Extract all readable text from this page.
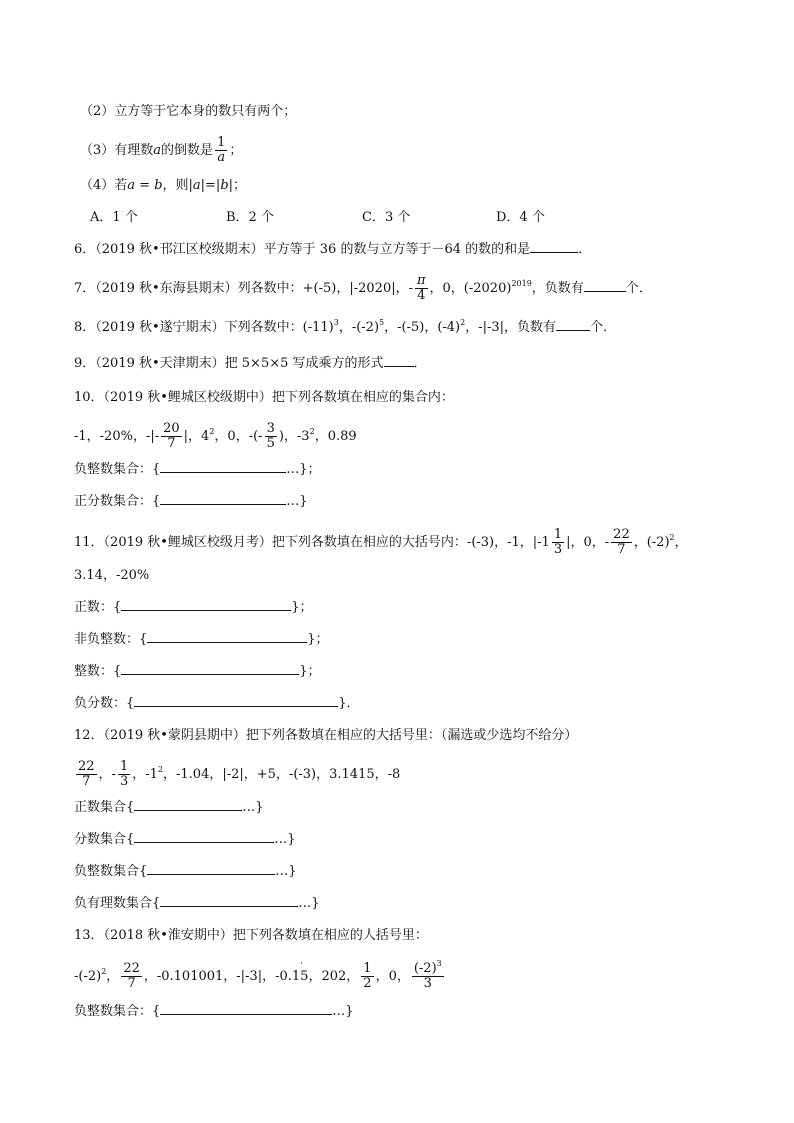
（2）立方等于它本身的数只有两个；
（3）有理数a的倒数是 $\frac{1}{a}$ ；
（4）若a = b，则|a|=|b|；
A．1 个	B．2 个	C．3 个	D．4 个
6．（2019 秋•邗江区校级期末）平方等于 36 的数与立方等于－64 的数的和是	．
7．（2019 秋•东海县期末）列各数中：+(-5)，|-2020|，- $\frac{\pi}{4}$ ，0，$(-2020)^{2019}$，负数有	个．
8．（2019 秋•遂宁期末）下列各数中：$(-11)^3$，$-(-2)^5$，-(-5)，$(-4)^2$，-|-3|，负数有	个．
9．（2019 秋•天津期末）把 5×5×5 写成乘方的形式 ．
10．（2019 秋•鲤城区校级期中）把下列各数填在相应的集合内：
-1，-20%，-|- $\frac{20}{7}$ |，$4^2$，0，-(- $\frac{3}{5}$ )，$-3^2$，0.89
负整数集合：{	…}；
正分数集合：{	…}
11．（2019 秋•鲤城区校级月考）把下列各数填在相应的大括号内：-(-3)，-1，$|-1 \frac{1}{3}$ |，0，- $\frac{22}{7}$ ，$(-2)^2$，
3.14，-20%
正数：{	}；
非负整数：{	}；
整数：{	}；
负分数：{	}．
12．（2019 秋•蒙阴县期中）把下列各数填在相应的大括号里：（漏选或少选均不给分）
$\frac{22}{7}$ ，- $\frac{1}{3}$ ，$-1^2$，-1.04，|-2|，+5，-(-3)，3.1415，-8
正数集合{	…}
分数集合{	…}
负整数集合{	…}
负有理数集合{	…}
13．（2018 秋•淮安期中）把下列各数填在相应的人括号里：
$-(-2)^2$， $\frac{22}{7}$ ，-0.101001，-|-3|，-0.1
·
5，202， $\frac{1}{2}$ ，0， $\frac{(-2)^3}{3}$
负整数集合：{	…}
